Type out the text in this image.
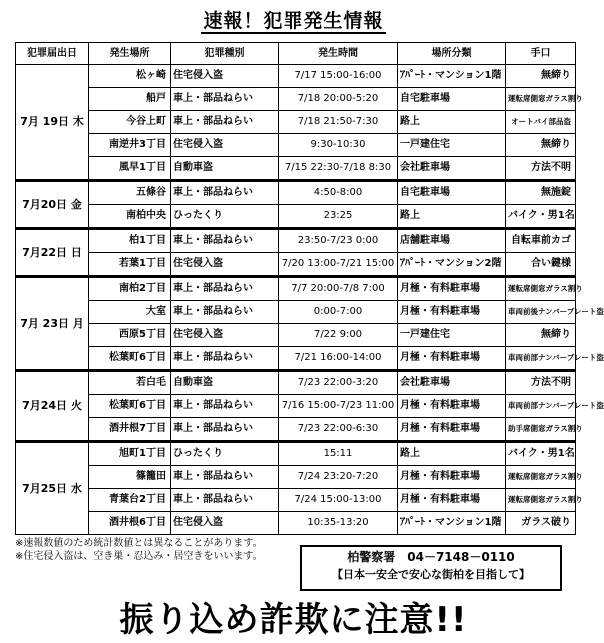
速報！犯罪発生情報
犯罪届出日	発生場所	犯罪種別	発生時間	場所分類	手口
7月 19日 木	松ヶ崎	住宅侵入盗	7/17 15:00-16:00	ｱﾊﾟｰﾄ・マンション1階	無締り
	船戸	車上・部品ねらい	7/18 20:00-5:20	自宅駐車場	運転席側窓ガラス割り
	今谷上町	車上・部品ねらい	7/18 21:50-7:30	路上	オートバイ部品盗
	南逆井3丁目	住宅侵入盗	9:30-10:30	一戸建住宅	無締り
	風早1丁目	自動車盗	7/15 22:30-7/18 8:30	会社駐車場	方法不明
7月20日 金	五條谷	車上・部品ねらい	4:50-8:00	自宅駐車場	無施錠
	南柏中央	ひったくり	23:25	路上	バイク・男1名
7月22日 日	柏1丁目	車上・部品ねらい	23:50-7/23 0:00	店舗駐車場	自転車前カゴ
	若葉1丁目	住宅侵入盗	7/20 13:00-7/21 15:00	ｱﾊﾟｰﾄ・マンション2階	合い鍵様
7月 23日 月	南柏2丁目	車上・部品ねらい	7/7 20:00-7/8 7:00	月極・有料駐車場	運転席側窓ガラス割り
	大室	車上・部品ねらい	0:00-7:00	月極・有料駐車場	車両前後ナンバープレート盗
	西原5丁目	住宅侵入盗	7/22 9:00	一戸建住宅	無締り
	松葉町6丁目	車上・部品ねらい	7/21 16:00-14:00	月極・有料駐車場	車両前部ナンバープレート盗
7月24日 火	若白毛	自動車盗	7/23 22:00-3:20	会社駐車場	方法不明
	松葉町6丁目	車上・部品ねらい	7/16 15:00-7/23 11:00	月極・有料駐車場	車両前部ナンバープレート盗
	酒井根7丁目	車上・部品ねらい	7/23 22:00-6:30	月極・有料駐車場	助手席側窓ガラス割り
7月25日 水	旭町1丁目	ひったくり	15:11	路上	バイク・男1名
	篠籠田	車上・部品ねらい	7/24 23:20-7:20	月極・有料駐車場	運転席側窓ガラス割り
	青葉台2丁目	車上・部品ねらい	7/24 15:00-13:00	月極・有料駐車場	運転席側窓ガラス割り
	酒井根6丁目	住宅侵入盗	10:35-13:20	ｱﾊﾟｰﾄ・マンション1階	ガラス破り
※速報数値のため統計数値とは異なることがあります。
※住宅侵入盗は、空き巣・忍込み・居空きをいいます。	柏警察署　04－7148－0110
【日本一安全で安心な街柏を目指して】
振り込め詐欺に注意!!
